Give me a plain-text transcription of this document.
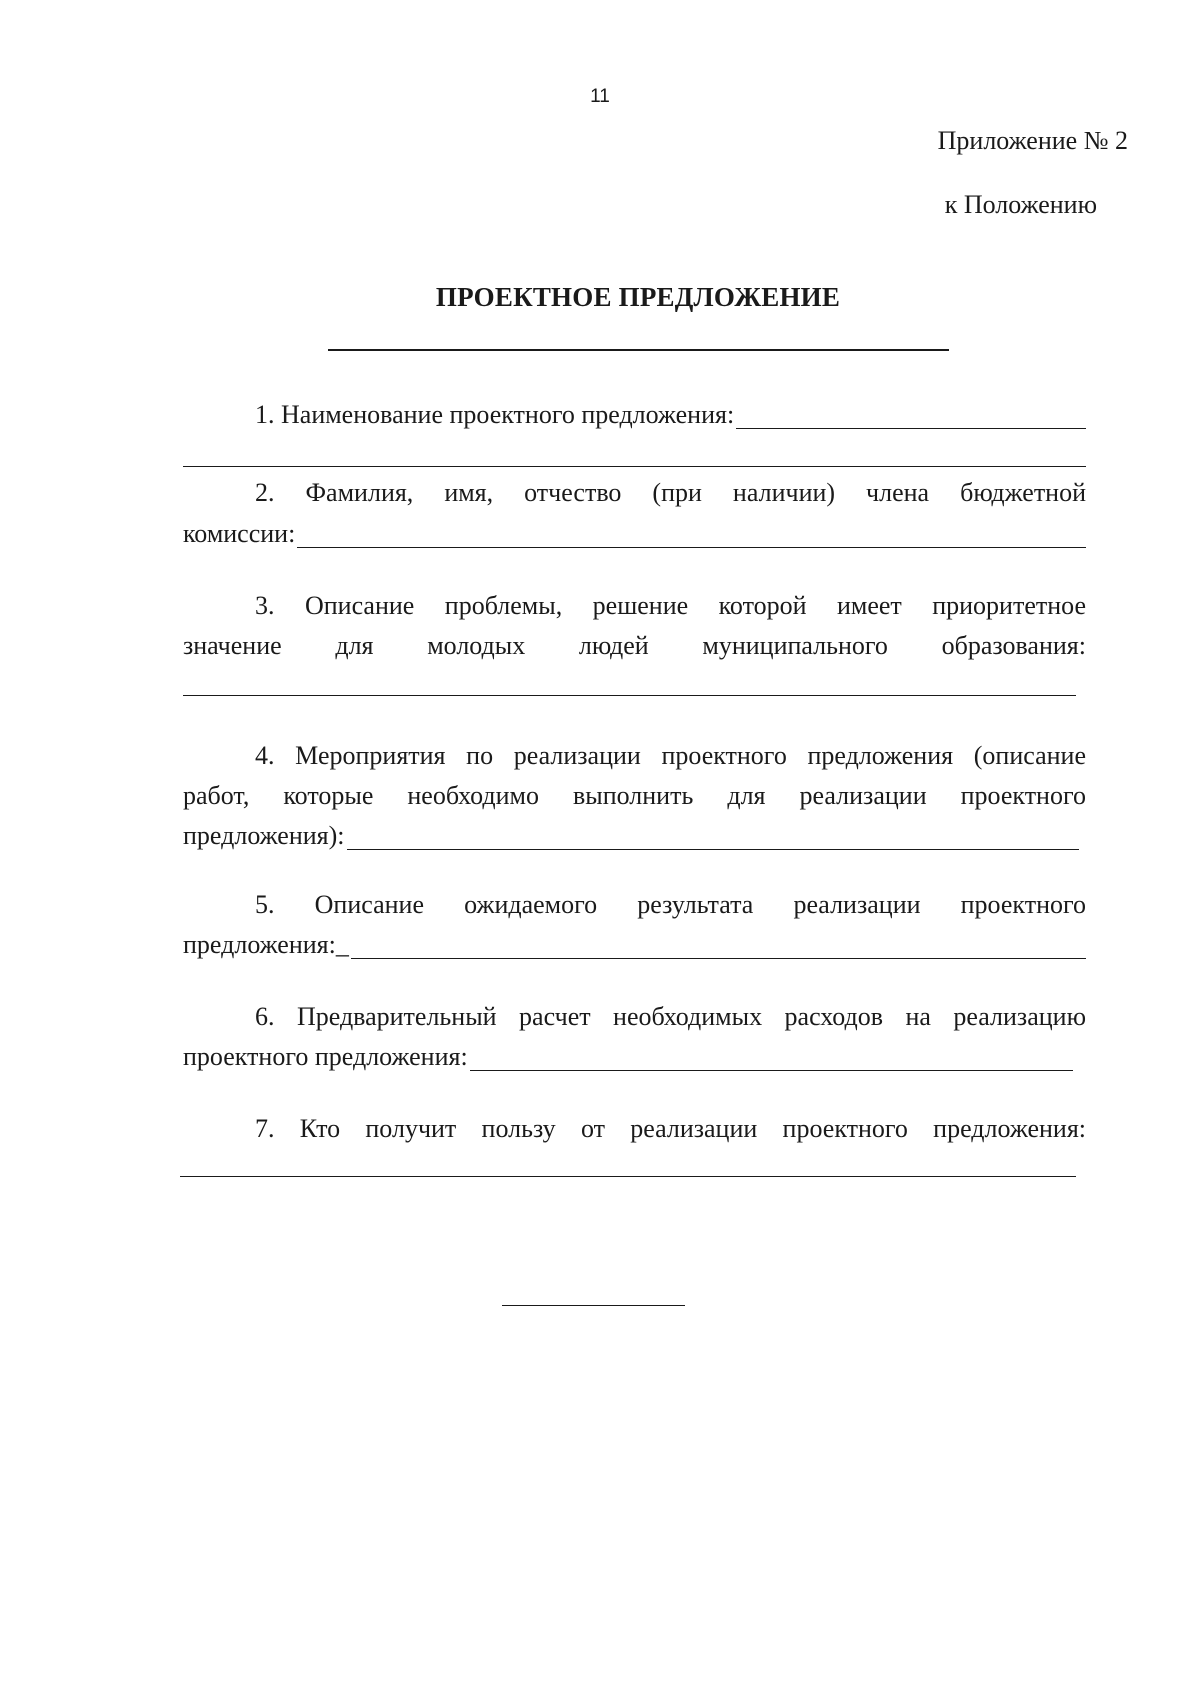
11
Приложение № 2
к Положению
ПРОЕКТНОЕ ПРЕДЛОЖЕНИЕ
1. Наименование проектного предложения:
2. Фамилия, имя, отчество (при наличии) члена бюджетной
комиссии:
3. Описание проблемы, решение которой имеет приоритетное
значение для молодых людей муниципального образования:
4. Мероприятия по реализации проектного предложения (описание
работ, которые необходимо выполнить для реализации проектного
предложения):
5. Описание ожидаемого результата реализации проектного
предложения:_
6. Предварительный расчет необходимых расходов на реализацию
проектного предложения:
7. Кто получит пользу от реализации проектного предложения:
